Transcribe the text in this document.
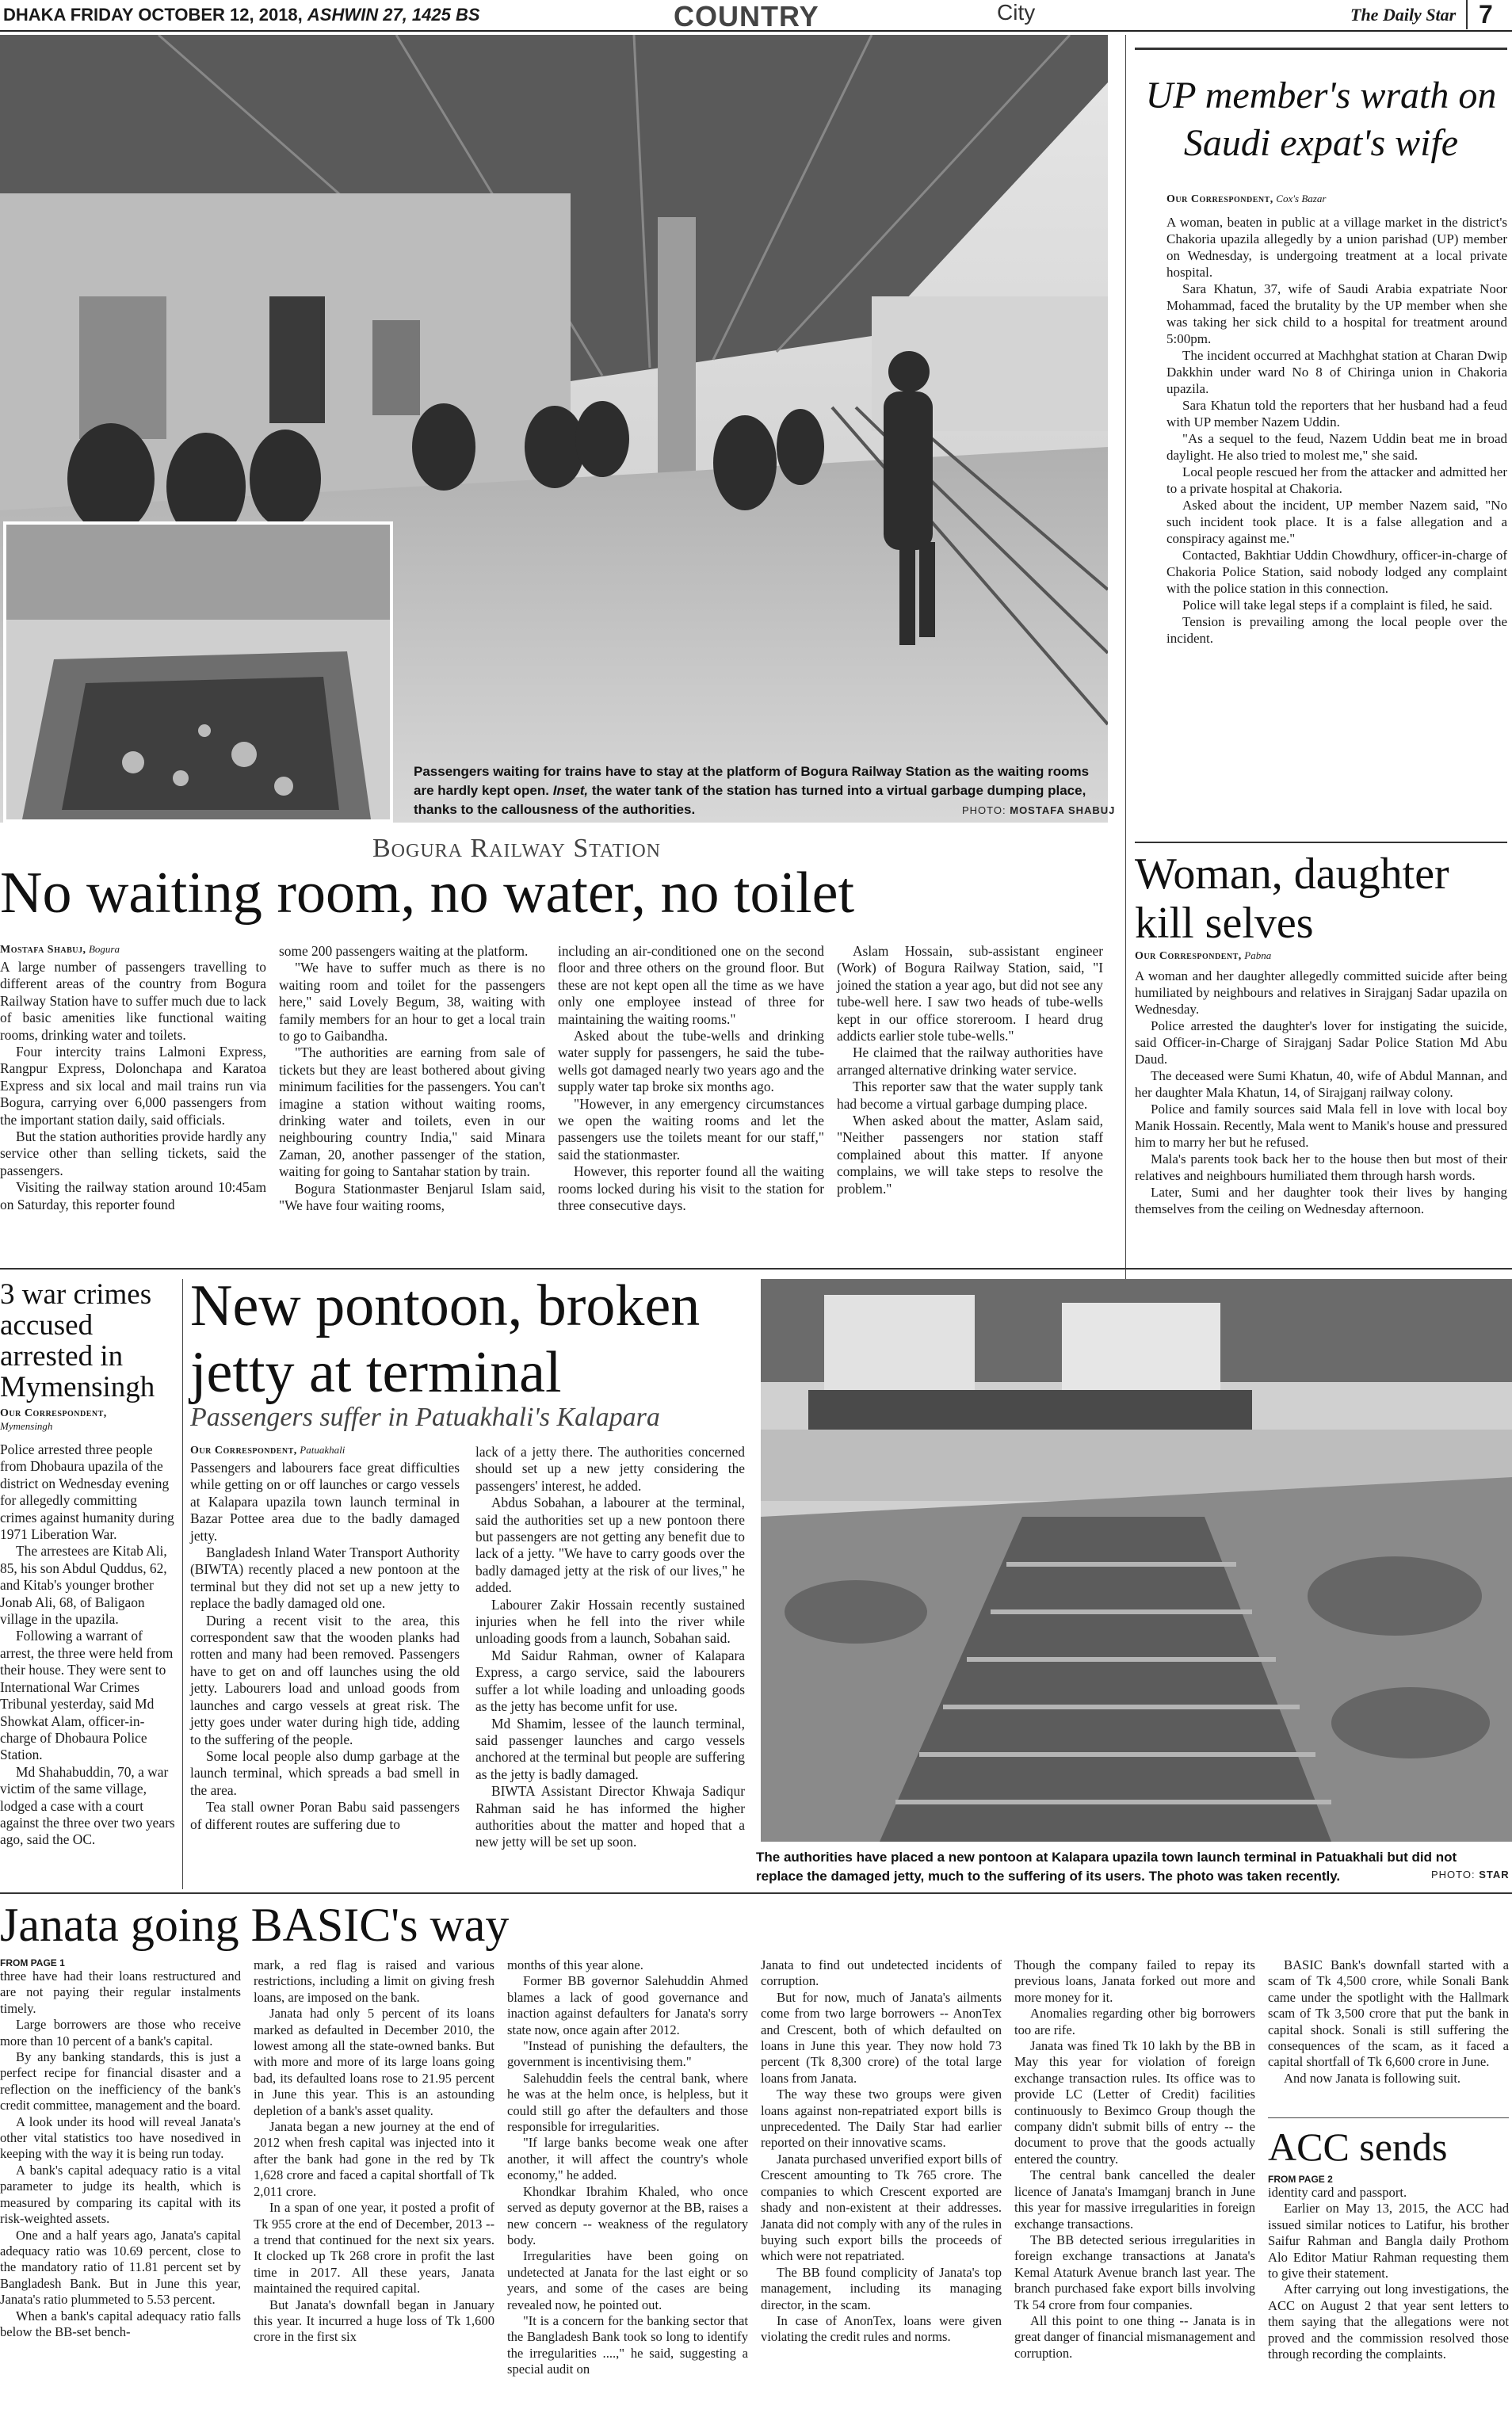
DHAKA FRIDAY OCTOBER 12, 2018, ASHWIN 27, 1425 BS	COUNTRY	City	The Daily Star 7
Passengers waiting for trains have to stay at the platform of Bogura Railway Station as the waiting rooms are hardly kept open. Inset, the water tank of the station has turned into a virtual garbage dumping place, thanks to the callousness of the authorities.	PHOTO: MOSTAFA SHABUJ
Bogura Railway Station
No waiting room, no water, no toilet
Mostafa Shabuj, Bogura

A large number of passengers travelling to different areas of the country from Bogura Railway Station have to suffer much due to lack of basic amenities like functional waiting rooms, drinking water and toilets.

Four intercity trains Lalmoni Express, Rangpur Express, Dolonchapa and Karatoa Express and six local and mail trains run via Bogura, carrying over 6,000 passengers from the important station daily, said officials.

But the station authorities provide hardly any service other than selling tickets, said the passengers.

Visiting the railway station around 10:45am on Saturday, this reporter found

some 200 passengers waiting at the platform.

"We have to suffer much as there is no waiting room and toilet for the passengers here," said Lovely Begum, 38, waiting with family members for an hour to get a local train to go to Gaibandha.

"The authorities are earning from sale of tickets but they are least bothered about giving minimum facilities for the passengers. You can't imagine a station without waiting rooms, drinking water and toilets, even in our neighbouring country India," said Minara Zaman, 20, another passenger of the station, waiting for going to Santahar station by train.

Bogura Stationmaster Benjarul Islam said, "We have four waiting rooms,

including an air-conditioned one on the second floor and three others on the ground floor. But these are not kept open all the time as we have only one employee instead of three for maintaining the waiting rooms."

Asked about the tube-wells and drinking water supply for passengers, he said the tube-wells got damaged nearly two years ago and the supply water tap broke six months ago.

"However, in any emergency circumstances we open the waiting rooms and let the passengers use the toilets meant for our staff," said the stationmaster.

However, this reporter found all the waiting rooms locked during his visit to the station for three consecutive days.

Aslam Hossain, sub-assistant engineer (Work) of Bogura Railway Station, said, "I joined the station a year ago, but did not see any tube-well here. I saw two heads of tube-wells kept in our office storeroom. I heard drug addicts earlier stole tube-wells."

He claimed that the railway authorities have arranged alternative drinking water service.

This reporter saw that the water supply tank had become a virtual garbage dumping place.

When asked about the matter, Aslam said, "Neither passengers nor station staff complained about this matter. If anyone complains, we will take steps to resolve the problem."

UP member's wrath on Saudi expat's wife
Our Correspondent, Cox's Bazar

A woman, beaten in public at a village market in the district's Chakoria upazila allegedly by a union parishad (UP) member on Wednesday, is undergoing treatment at a local private hospital.

Sara Khatun, 37, wife of Saudi Arabia expatriate Noor Mohammad, faced the brutality by the UP member when she was taking her sick child to a hospital for treatment around 5:00pm.

The incident occurred at Machhghat station at Charan Dwip Dakkhin under ward No 8 of Chiringa union in Chakoria upazila.

Sara Khatun told the reporters that her husband had a feud with UP member Nazem Uddin.

"As a sequel to the feud, Nazem Uddin beat me in broad daylight. He also tried to molest me," she said.

Local people rescued her from the attacker and admitted her to a private hospital at Chakoria.

Asked about the incident, UP member Nazem said, "No such incident took place. It is a false allegation and a conspiracy against me."

Contacted, Bakhtiar Uddin Chowdhury, officer-in-charge of Chakoria Police Station, said nobody lodged any complaint with the police station in this connection.

Police will take legal steps if a complaint is filed, he said.

Tension is prevailing among the local people over the incident.

Woman, daughter kill selves
Our Correspondent, Pabna

A woman and her daughter allegedly committed suicide after being humiliated by neighbours and relatives in Sirajganj Sadar upazila on Wednesday.

Police arrested the daughter's lover for instigating the suicide, said Officer-in-Charge of Sirajganj Sadar Police Station Md Abu Daud.

The deceased were Sumi Khatun, 40, wife of Abdul Mannan, and her daughter Mala Khatun, 14, of Sirajganj railway colony.

Police and family sources said Mala fell in love with local boy Manik Hossain. Recently, Mala went to Manik's house and pressured him to marry her but he refused.

Mala's parents took back her to the house then but most of their relatives and neighbours humiliated them through harsh words.

Later, Sumi and her daughter took their lives by hanging themselves from the ceiling on Wednesday afternoon.

3 war crimes accused arrested in Mymensingh
Our Correspondent,
Mymensingh

Police arrested three people from Dhobaura upazila of the district on Wednesday evening for allegedly committing crimes against humanity during 1971 Liberation War.

The arrestees are Kitab Ali, 85, his son Abdul Quddus, 62, and Kitab's younger brother Jonab Ali, 68, of Baligaon village in the upazila.

Following a warrant of arrest, the three were held from their house. They were sent to International War Crimes Tribunal yesterday, said Md Showkat Alam, officer-in-charge of Dhobaura Police Station.

Md Shahabuddin, 70, a war victim of the same village, lodged a case with a court against the three over two years ago, said the OC.

New pontoon, broken jetty at terminal
Passengers suffer in Patuakhali's Kalapara
Our Correspondent, Patuakhali

Passengers and labourers face great difficulties while getting on or off launches or cargo vessels at Kalapara upazila town launch terminal in Bazar Pottee area due to the badly damaged jetty.

Bangladesh Inland Water Transport Authority (BIWTA) recently placed a new pontoon at the terminal but they did not set up a new jetty to replace the badly damaged old one.

During a recent visit to the area, this correspondent saw that the wooden planks had rotten and many had been removed. Passengers have to get on and off launches using the old jetty. Labourers load and unload goods from launches and cargo vessels at great risk. The jetty goes under water during high tide, adding to the suffering of the people.

Some local people also dump garbage at the launch terminal, which spreads a bad smell in the area.

Tea stall owner Poran Babu said passengers of different routes are suffering due to

lack of a jetty there. The authorities concerned should set up a new jetty considering the passengers' interest, he added.

Abdus Sobahan, a labourer at the terminal, said the authorities set up a new pontoon there but passengers are not getting any benefit due to lack of a jetty. "We have to carry goods over the badly damaged jetty at the risk of our lives," he added.

Labourer Zakir Hossain recently sustained injuries when he fell into the river while unloading goods from a launch, Sobahan said.

Md Saidur Rahman, owner of Kalapara Express, a cargo service, said the labourers suffer a lot while loading and unloading goods as the jetty has become unfit for use.

Md Shamim, lessee of the launch terminal, said passenger launches and cargo vessels anchored at the terminal but people are suffering as the jetty is badly damaged.

BIWTA Assistant Director Khwaja Sadiqur Rahman said he has informed the higher authorities about the matter and hoped that a new jetty will be set up soon.

The authorities have placed a new pontoon at Kalapara upazila town launch terminal in Patuakhali but did not replace the damaged jetty, much to the suffering of its users. The photo was taken recently.	PHOTO: STAR
Janata going BASIC's way
FROM PAGE 1

three have had their loans restructured and are not paying their regular instalments timely.

Large borrowers are those who receive more than 10 percent of a bank's capital.

By any banking standards, this is just a perfect recipe for financial disaster and a reflection on the inefficiency of the bank's credit committee, management and the board.

A look under its hood will reveal Janata's other vital statistics too have nosedived in keeping with the way it is being run today.

A bank's capital adequacy ratio is a vital parameter to judge its health, which is measured by comparing its capital with its risk-weighted assets.

One and a half years ago, Janata's capital adequacy ratio was 10.69 percent, close to the mandatory ratio of 11.81 percent set by Bangladesh Bank. But in June this year, Janata's ratio plummeted to 5.53 percent.

When a bank's capital adequacy ratio falls below the BB-set bench-

mark, a red flag is raised and various restrictions, including a limit on giving fresh loans, are imposed on the bank.

Janata had only 5 percent of its loans marked as defaulted in December 2010, the lowest among all the state-owned banks. But with more and more of its large loans going bad, its defaulted loans rose to 21.95 percent in June this year. This is an astounding depletion of a bank's asset quality.

Janata began a new journey at the end of 2012 when fresh capital was injected into it after the bank had gone in the red by Tk 1,628 crore and faced a capital shortfall of Tk 2,011 crore.

In a span of one year, it posted a profit of Tk 955 crore at the end of December, 2013 -- a trend that continued for the next six years. It clocked up Tk 268 crore in profit the last time in 2017. All these years, Janata maintained the required capital.

But Janata's downfall began in January this year. It incurred a huge loss of Tk 1,600 crore in the first six

months of this year alone.

Former BB governor Salehuddin Ahmed blames a lack of good governance and inaction against defaulters for Janata's sorry state now, once again after 2012.

"Instead of punishing the defaulters, the government is incentivising them."

Salehuddin feels the central bank, where he was at the helm once, is helpless, but it could still go after the defaulters and those responsible for irregularities.

"If large banks become weak one after another, it will affect the country's whole economy," he added.

Khondkar Ibrahim Khaled, who once served as deputy governor at the BB, raises a new concern -- weakness of the regulatory body.

Irregularities have been going on undetected at Janata for the last eight or so years, and some of the cases are being revealed now, he pointed out.

"It is a concern for the banking sector that the Bangladesh Bank took so long to identify the irregularities ....," he said, suggesting a special audit on

Janata to find out undetected incidents of corruption.

But for now, much of Janata's ailments come from two large borrowers -- AnonTex and Crescent, both of which defaulted on loans in June this year. They now hold 73 percent (Tk 8,300 crore) of the total large loans from Janata.

The way these two groups were given loans against non-repatriated export bills is unprecedented. The Daily Star had earlier reported on their innovative scams.

Janata purchased unverified export bills of Crescent amounting to Tk 765 crore. The companies to which Crescent exported are shady and non-existent at their addresses. Janata did not comply with any of the rules in buying such export bills the proceeds of which were not repatriated.

The BB found complicity of Janata's top management, including its managing director, in the scam.

In case of AnonTex, loans were given violating the credit rules and norms.

Though the company failed to repay its previous loans, Janata forked out more and more money for it.

Anomalies regarding other big borrowers too are rife.

Janata was fined Tk 10 lakh by the BB in May this year for violation of foreign exchange transaction rules. Its office was to provide LC (Letter of Credit) facilities continuously to Beximco Group though the company didn't submit bills of entry -- the document to prove that the goods actually entered the country.

The central bank cancelled the dealer licence of Janata's Imamganj branch in June this year for massive irregularities in foreign exchange transactions.

The BB detected serious irregularities in foreign exchange transactions at Janata's Kemal Ataturk Avenue branch last year. The branch purchased fake export bills involving Tk 54 crore from four companies.

All this point to one thing -- Janata is in great danger of financial mismanagement and corruption.

BASIC Bank's downfall started with a scam of Tk 4,500 crore, while Sonali Bank came under the spotlight with the Hallmark scam of Tk 3,500 crore that put the bank in capital shock. Sonali is still suffering the consequences of the scam, as it faced a capital shortfall of Tk 6,600 crore in June.

And now Janata is following suit.

ACC sends
FROM PAGE 2

identity card and passport.

Earlier on May 13, 2015, the ACC had issued similar notices to Latifur, his brother Saifur Rahman and Bangla daily Prothom Alo Editor Matiur Rahman requesting them to give their statement.

After carrying out long investigations, the ACC on August 2 that year sent letters to them saying that the allegations were not proved and the commission resolved those through recording the complaints.
